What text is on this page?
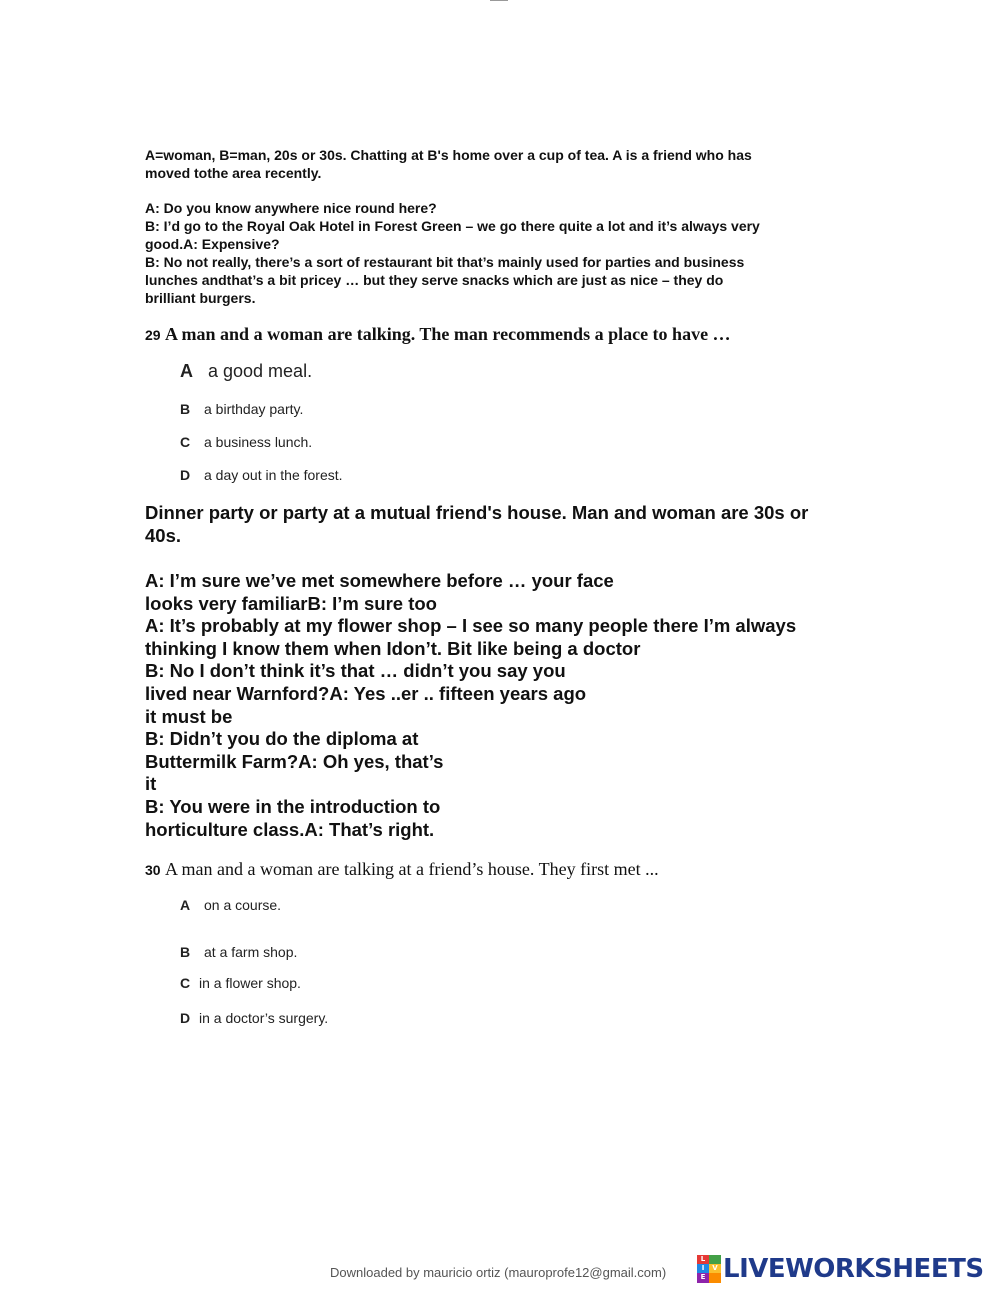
A=woman, B=man, 20s or 30s. Chatting at B's home over a cup of tea. A is a friend who has
moved tothe area recently.
A: Do you know anywhere nice round here?
B: I’d go to the Royal Oak Hotel in Forest Green – we go there quite a lot and it’s always very
good.A: Expensive?
B: No not really, there’s a sort of restaurant bit that’s mainly used for parties and business
lunches andthat’s a bit pricey … but they serve snacks which are just as nice – they do
brilliant burgers.
29 A man and a woman are talking. The man recommends a place to have …
A a good meal.
B a birthday party.
C a business lunch.
D a day out in the forest.
Dinner party or party at a mutual friend's house. Man and woman are 30s or
40s.
A: I’m sure we’ve met somewhere before … your face
looks very familiarB: I’m sure too
A: It’s probably at my flower shop – I see so many people there I’m always
thinking I know them when Idon’t. Bit like being a doctor
B: No I don’t think it’s that … didn’t you say you
lived near Warnford?A: Yes ..er .. fifteen years ago
it must be
B: Didn’t you do the diploma at
Buttermilk Farm?A: Oh yes, that’s
it
B: You were in the introduction to
horticulture class.A: That’s right.
30 A man and a woman are talking at a friend’s house. They first met ...
A on a course.
B at a farm shop.
C in a flower shop.
D in a doctor’s surgery.
Downloaded by mauricio ortiz (mauroprofe12@gmail.com)
L
I	V
E LIVEWORKSHEETS
